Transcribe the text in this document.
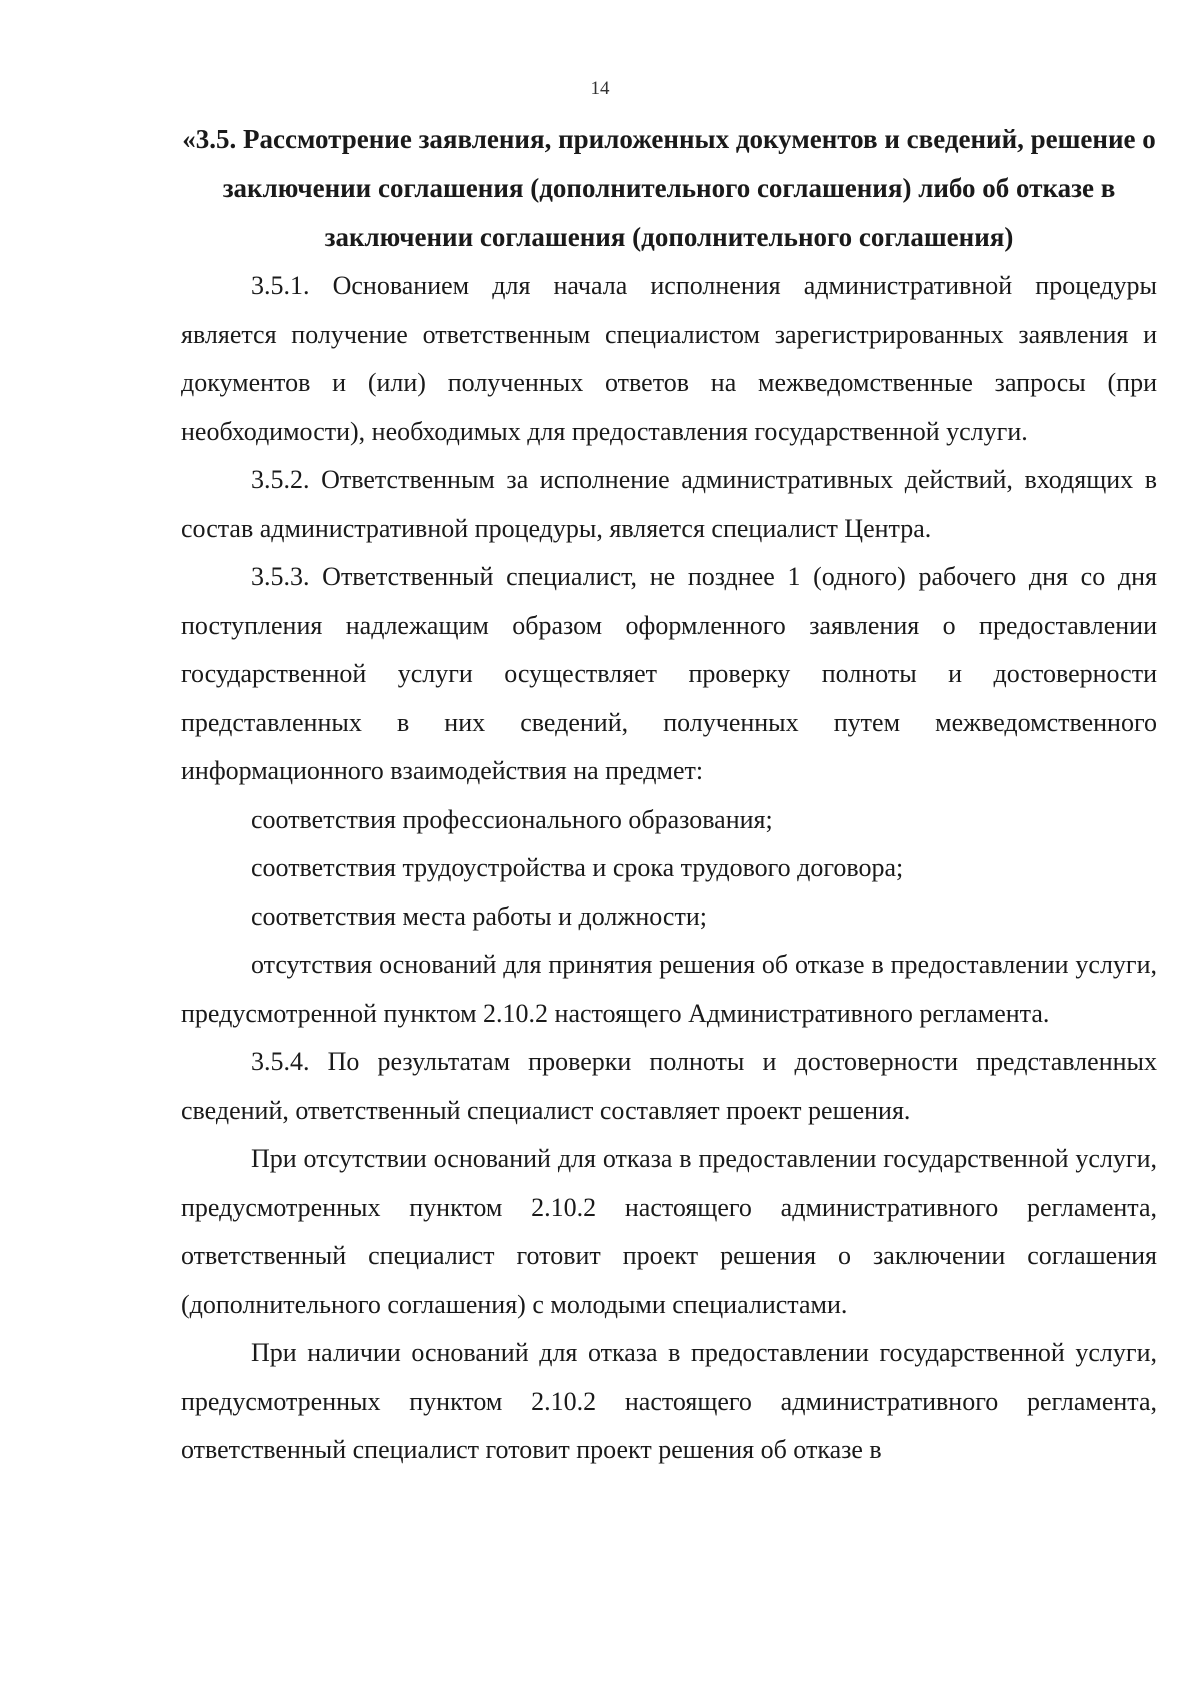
14

«3.5. Рассмотрение заявления, приложенных документов и сведений, решение о заключении соглашения (дополнительного соглашения) либо об отказе в заключении соглашения (дополнительного соглашения)

3.5.1. Основанием для начала исполнения административной процедуры является получение ответственным специалистом зарегистрированных заявления и документов и (или) полученных ответов на межведомственные запросы (при необходимости), необходимых для предоставления государственной услуги.

3.5.2. Ответственным за исполнение административных действий, входящих в состав административной процедуры, является специалист Центра.

3.5.3. Ответственный специалист, не позднее 1 (одного) рабочего дня со дня поступления надлежащим образом оформленного заявления о предоставлении государственной услуги осуществляет проверку полноты и достоверности представленных в них сведений, полученных путем межведомственного информационного взаимодействия на предмет:

соответствия профессионального образования;

соответствия трудоустройства и срока трудового договора;

соответствия места работы и должности;

отсутствия оснований для принятия решения об отказе в предоставлении услуги, предусмотренной пунктом 2.10.2 настоящего Административного регламента.

3.5.4. По результатам проверки полноты и достоверности представленных сведений, ответственный специалист составляет проект решения.

При отсутствии оснований для отказа в предоставлении государственной услуги, предусмотренных пунктом 2.10.2 настоящего административного регламента, ответственный специалист готовит проект решения о заключении соглашения (дополнительного соглашения) с молодыми специалистами.

При наличии оснований для отказа в предоставлении государственной услуги, предусмотренных пунктом 2.10.2 настоящего административного регламента, ответственный специалист готовит проект решения об отказе в
